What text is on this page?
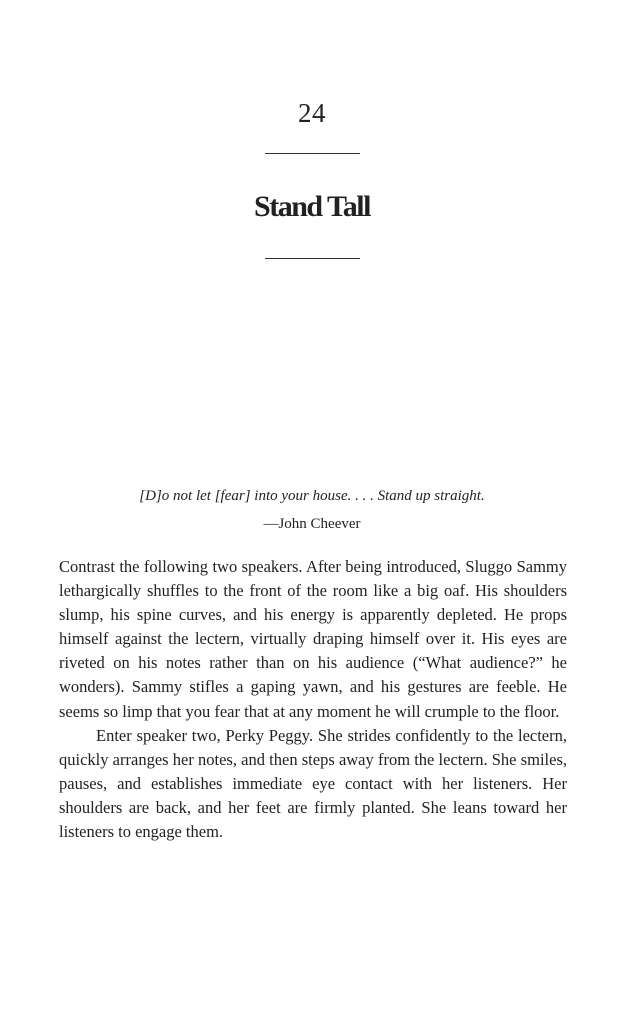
24
Stand Tall
[D]o not let [fear] into your house. . . . Stand up straight.
—John Cheever

Contrast the following two speakers. After being introduced, Sluggo Sammy lethargically shuffles to the front of the room like a big oaf. His shoulders slump, his spine curves, and his energy is apparently depleted. He props himself against the lectern, virtually draping himself over it. His eyes are riveted on his notes rather than on his audience (“What audience?” he wonders). Sammy stifles a gaping yawn, and his gestures are feeble. He seems so limp that you fear that at any moment he will crumple to the floor.

Enter speaker two, Perky Peggy. She strides confidently to the lectern, quickly arranges her notes, and then steps away from the lectern. She smiles, pauses, and establishes immediate eye contact with her listeners. Her shoulders are back, and her feet are firmly planted. She leans toward her listeners to engage them.
